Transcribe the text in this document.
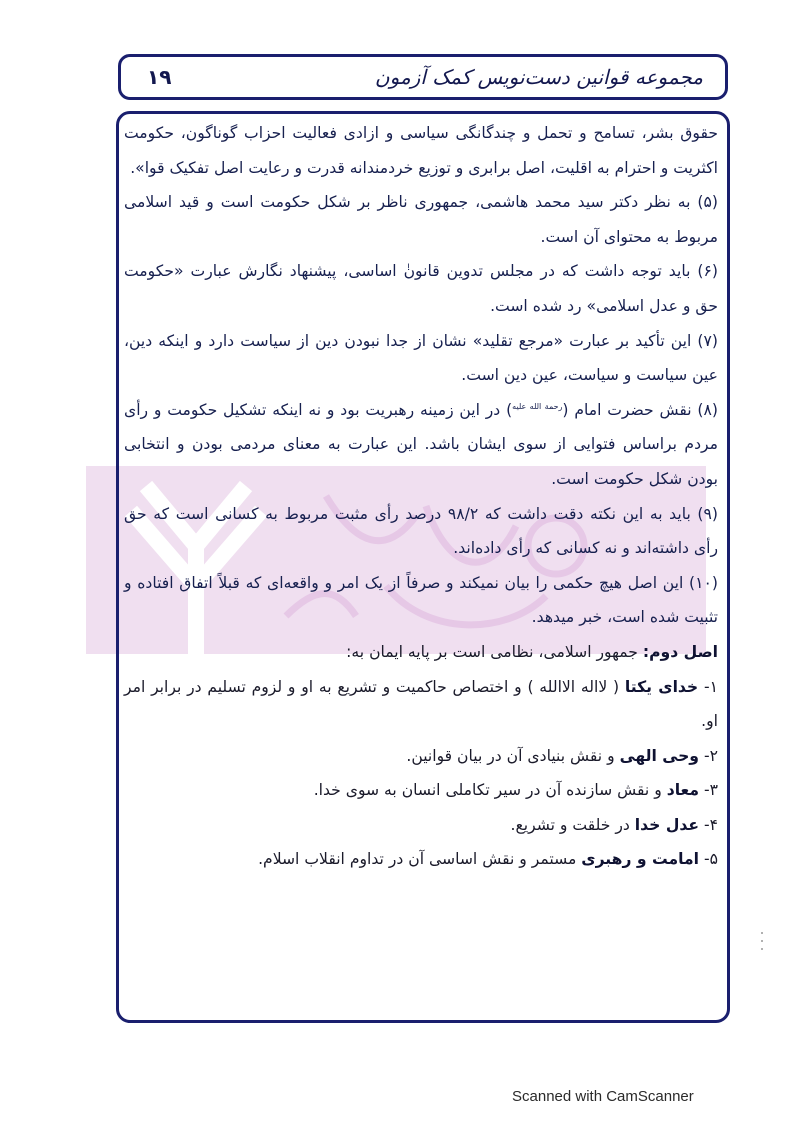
۱۹	مجموعه قوانین دست‌نویس کمک آزمون

حقوق بشر، تسامح و تحمل و چندگانگی سیاسی و ازادی فعالیت احزاب گوناگون، حکومت اکثریت و احترام به اقلیت، اصل برابری و توزیع خردمندانه قدرت و رعایت اصل تفکیک قوا».

(۵) به نظر دکتر سید محمد هاشمی، جمهوری ناظر بر شکل حکومت است و قید اسلامی مربوط به محتوای آن است.

(۶) باید توجه داشت که در مجلس تدوین قانونٰ اساسی، پیشنهاد نگارش عبارت «حکومت حق و عدل اسلامی» رد شده است.

(۷) این تأکید بر عبارت «مرجع تقلید» نشان از جدا نبودن دین از سیاست دارد و اینکه دین، عین سیاست و سیاست، عین دین است.

(۸) نقش حضرت امام ($^{رحمة الله علیه}$) در این زمینه رهبریت بود و نه اینکه تشکیل حکومت و رأی مردم براساس فتوایی از سوی ایشان باشد. این عبارت به معنای مردمی بودن و انتخابی بودن شکل حکومت است.

(۹) باید به این نکته دقت داشت که ۹۸/۲ درصد رأی مثبت مربوط به کسانی است که حق رأی داشته‌اند و نه کسانی که رأی داده‌اند.

(۱۰) این اصل هیچ حکمی را بیان نمیکند و صرفاً از یک امر و واقعه‌ای که قبلاً اتفاق افتاده و تثبیت شده است، خبر میدهد.

اصل دوم: جمهور اسلامی، نظامی است بر پایه ایمان به:

۱- خدای یکتا ( لااله الاالله ) و اختصاص حاکمیت و تشریع به او و لزوم تسلیم در برابر امر او.

۲- وحی الهی و نقش بنیادی آن در بیان قوانین.

۳- معاد و نقش سازنده آن در سیر تکاملی انسان به سوی خدا.

۴- عدل خدا در خلقت و تشریع.

۵- امامت و رهبری مستمر و نقش اساسی آن در تداوم انقلاب اسلام.

Scanned with CamScanner
